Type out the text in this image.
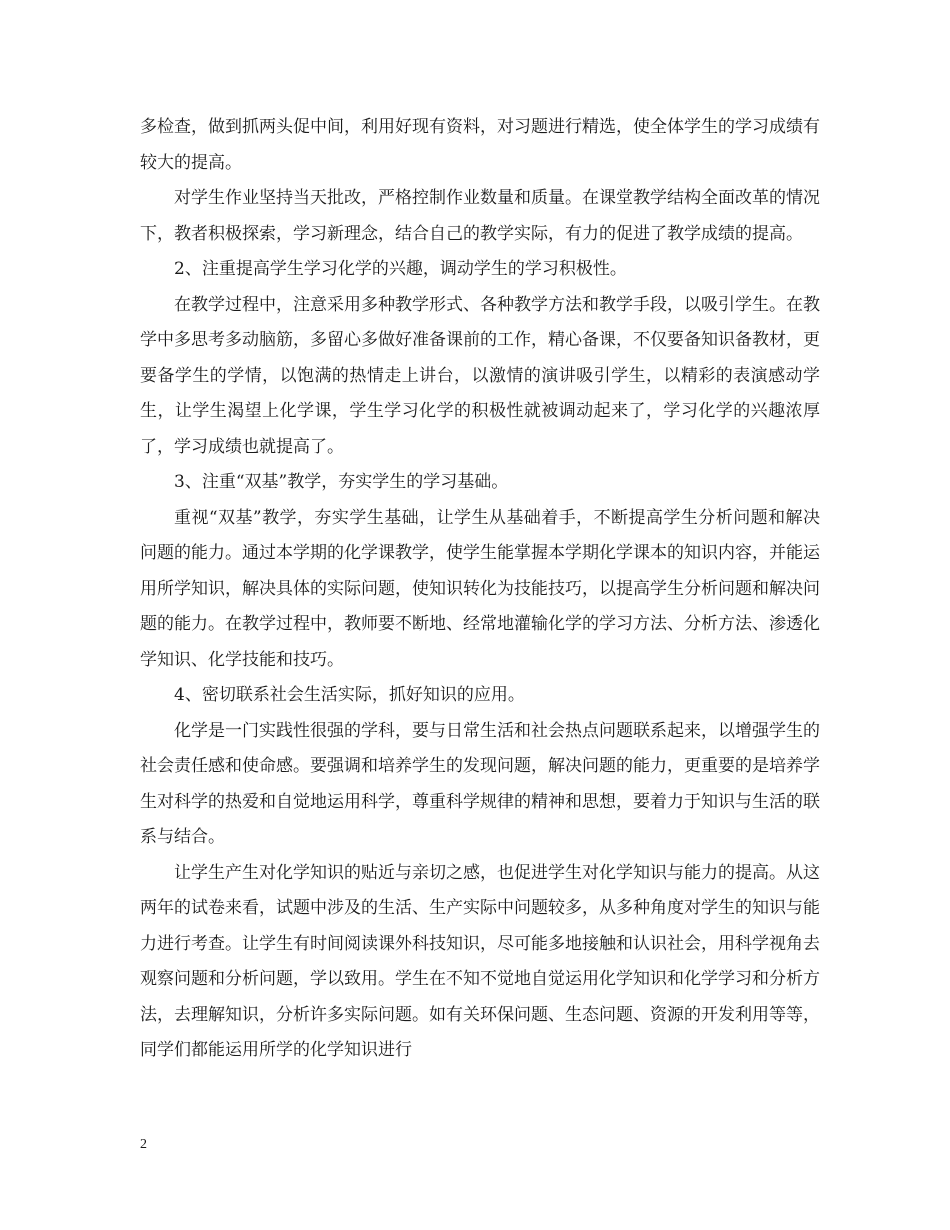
多检查，做到抓两头促中间，利用好现有资料，对习题进行精选，使全体学生的学习成绩有较大的提高。

对学生作业坚持当天批改，严格控制作业数量和质量。在课堂教学结构全面改革的情况下，教者积极探索，学习新理念，结合自己的教学实际，有力的促进了教学成绩的提高。

2、注重提高学生学习化学的兴趣，调动学生的学习积极性。

在教学过程中，注意采用多种教学形式、各种教学方法和教学手段，以吸引学生。在教学中多思考多动脑筋，多留心多做好准备课前的工作，精心备课，不仅要备知识备教材，更要备学生的学情，以饱满的热情走上讲台，以激情的演讲吸引学生，以精彩的表演感动学生，让学生渴望上化学课，学生学习化学的积极性就被调动起来了，学习化学的兴趣浓厚了，学习成绩也就提高了。

3、注重“双基”教学，夯实学生的学习基础。

重视“双基”教学，夯实学生基础，让学生从基础着手，不断提高学生分析问题和解决问题的能力。通过本学期的化学课教学，使学生能掌握本学期化学课本的知识内容，并能运用所学知识，解决具体的实际问题，使知识转化为技能技巧，以提高学生分析问题和解决问题的能力。在教学过程中，教师要不断地、经常地灌输化学的学习方法、分析方法、渗透化学知识、化学技能和技巧。

4、密切联系社会生活实际，抓好知识的应用。

化学是一门实践性很强的学科，要与日常生活和社会热点问题联系起来，以增强学生的社会责任感和使命感。要强调和培养学生的发现问题，解决问题的能力，更重要的是培养学生对科学的热爱和自觉地运用科学，尊重科学规律的精神和思想，要着力于知识与生活的联系与结合。

让学生产生对化学知识的贴近与亲切之感，也促进学生对化学知识与能力的提高。从这两年的试卷来看，试题中涉及的生活、生产实际中问题较多，从多种角度对学生的知识与能力进行考查。让学生有时间阅读课外科技知识，尽可能多地接触和认识社会，用科学视角去观察问题和分析问题，学以致用。学生在不知不觉地自觉运用化学知识和化学学习和分析方法，去理解知识，分析许多实际问题。如有关环保问题、生态问题、资源的开发利用等等，同学们都能运用所学的化学知识进行

2
